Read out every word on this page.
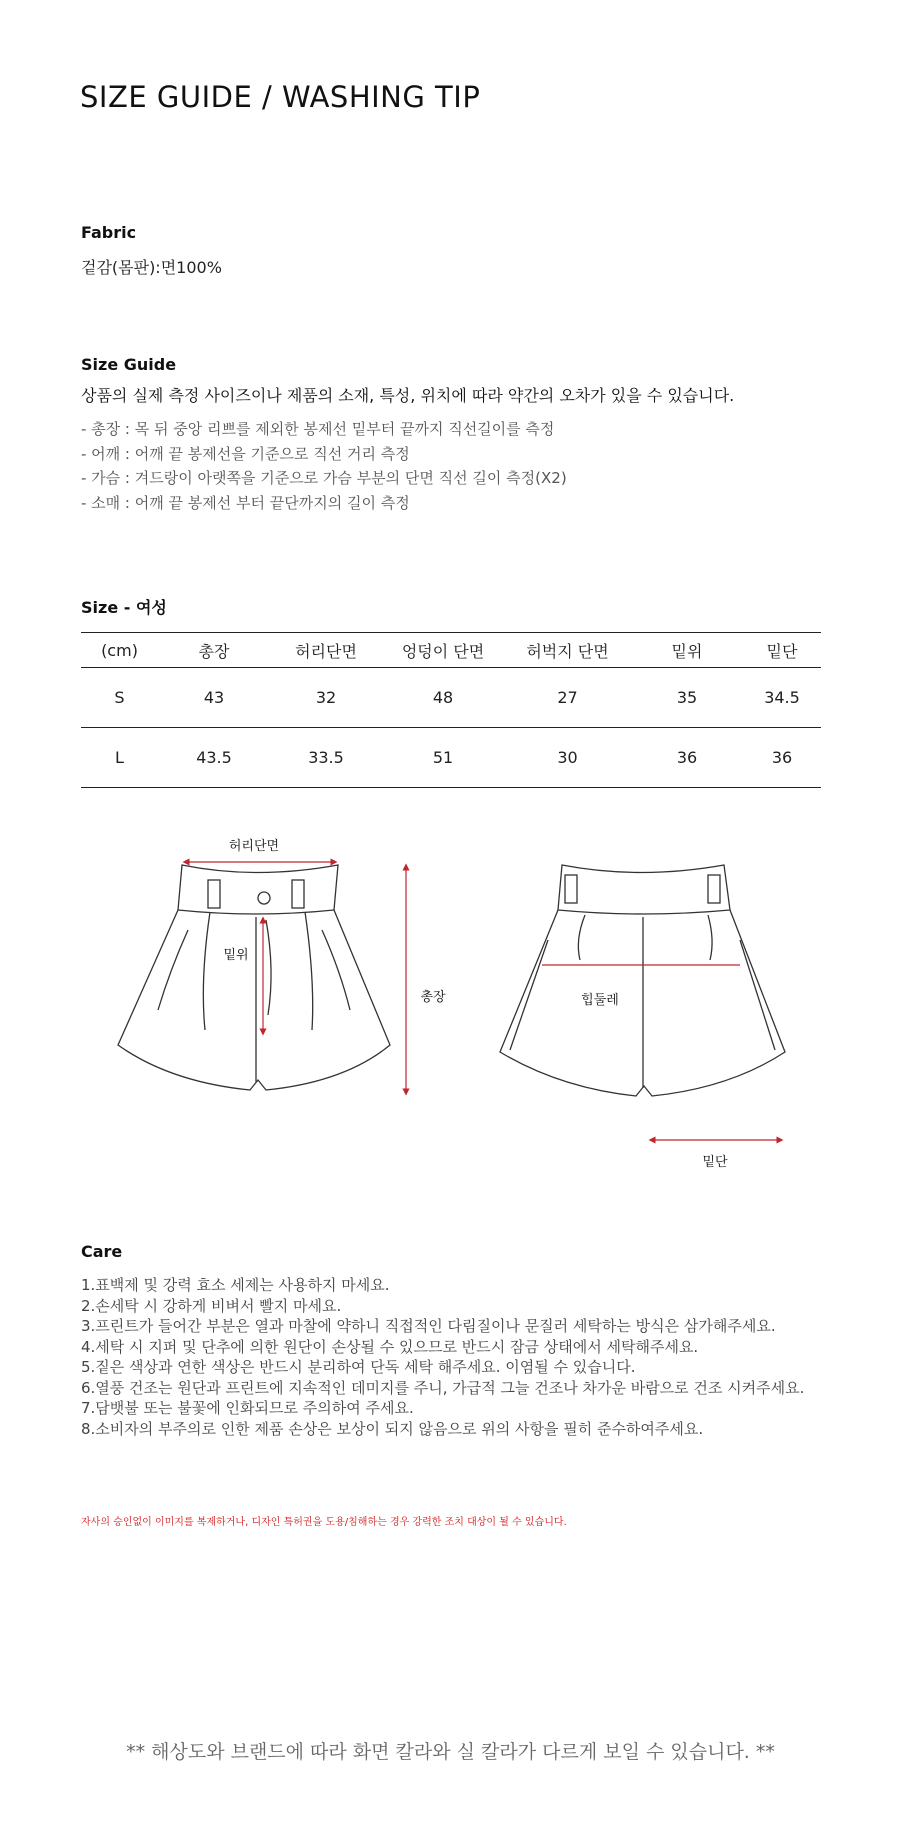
SIZE GUIDE / WASHING TIP
Fabric
겉감(몸판):면100%
Size Guide
상품의 실제 측정 사이즈이나 제품의 소재, 특성, 위치에 따라 약간의 오차가 있을 수 있습니다.
- 총장 : 목 뒤 중앙 리쁘를 제외한 봉제선 밑부터 끝까지 직선길이를 측정
- 어깨 : 어깨 끝 봉제선을 기준으로 직선 거리 측정
- 가슴 : 겨드랑이 아랫쪽을 기준으로 가슴 부분의 단면 직선 길이 측정(X2)
- 소매 : 어깨 끝 봉제선 부터 끝단까지의 길이 측정
Size - 여성
(cm)	총장	허리단면	엉덩이 단면	허벅지 단면	밑위	밑단
S	43	32	48	27	35	34.5
L	43.5	33.5	51	30	36	36
허리단면
밑위
총장	힙둘레
밑단
Care
1.표백제 및 강력 효소 세제는 사용하지 마세요.
2.손세탁 시 강하게 비벼서 빨지 마세요.
3.프린트가 들어간 부분은 열과 마찰에 약하니 직접적인 다림질이나 문질러 세탁하는 방식은 삼가해주세요.
4.세탁 시 지퍼 및 단추에 의한 원단이 손상될 수 있으므로 반드시 잠금 상태에서 세탁해주세요.
5.짙은 색상과 연한 색상은 반드시 분리하여 단독 세탁 해주세요. 이염될 수 있습니다.
6.열풍 건조는 원단과 프린트에 지속적인 데미지를 주니, 가급적 그늘 건조나 차가운 바람으로 건조 시켜주세요.
7.담뱃불 또는 불꽃에 인화되므로 주의하여 주세요.
8.소비자의 부주의로 인한 제품 손상은 보상이 되지 않음으로 위의 사항을 필히 준수하여주세요.
자사의 승인없이 이미지를 복제하거나, 디자인 특허권을 도용/침해하는 경우 강력한 조치 대상이 될 수 있습니다.
** 해상도와 브랜드에 따라 화면 칼라와 실 칼라가 다르게 보일 수 있습니다. **
